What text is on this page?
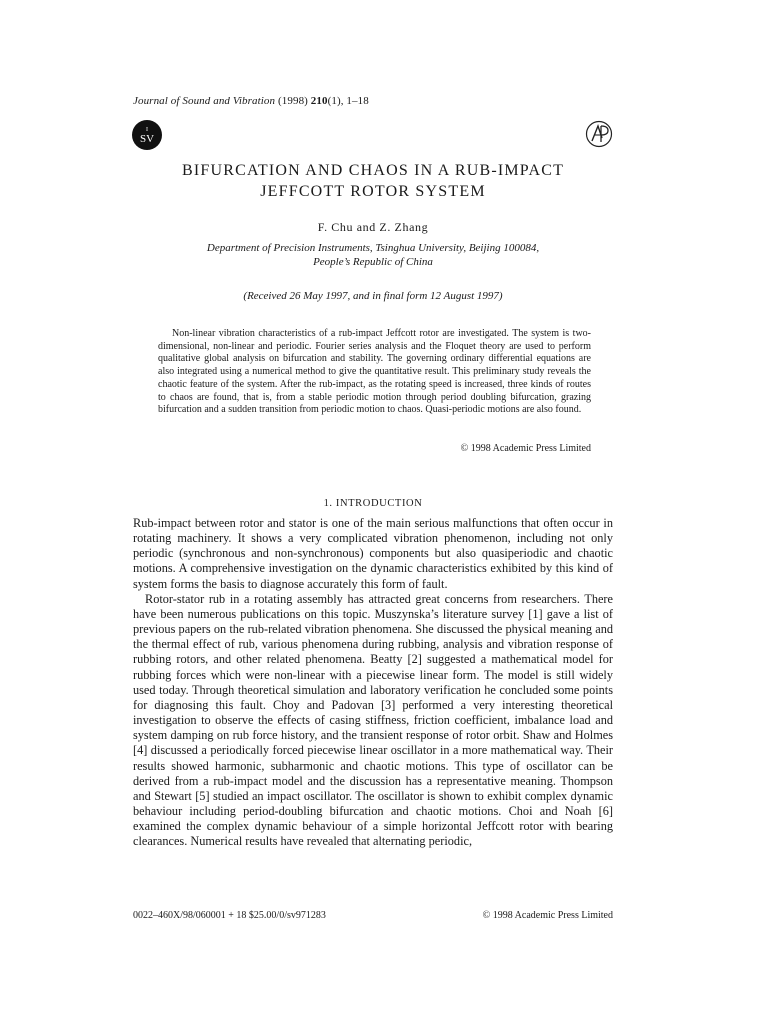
Journal of Sound and Vibration (1998) 210(1), 1–18
I
SV
BIFURCATION AND CHAOS IN A RUB-IMPACT
JEFFCOTT ROTOR SYSTEM
F. Chu and Z. Zhang
Department of Precision Instruments, Tsinghua University, Beijing 100084,
People’s Republic of China
(Received 26 May 1997, and in final form 12 August 1997)
Non-linear vibration characteristics of a rub-impact Jeffcott rotor are investigated. The system is two-dimensional, non-linear and periodic. Fourier series analysis and the Floquet theory are used to perform qualitative global analysis on bifurcation and stability. The governing ordinary differential equations are also integrated using a numerical method to give the quantitative result. This preliminary study reveals the chaotic feature of the system. After the rub-impact, as the rotating speed is increased, three kinds of routes to chaos are found, that is, from a stable periodic motion through period doubling bifurcation, grazing bifurcation and a sudden transition from periodic motion to chaos. Quasi-periodic motions are also found.
© 1998 Academic Press Limited
1. INTRODUCTION

Rub-impact between rotor and stator is one of the main serious malfunctions that often occur in rotating machinery. It shows a very complicated vibration phenomenon, including not only periodic (synchronous and non-synchronous) components but also quasiperiodic and chaotic motions. A comprehensive investigation on the dynamic characteristics exhibited by this kind of system forms the basis to diagnose accurately this form of fault.

Rotor-stator rub in a rotating assembly has attracted great concerns from researchers. There have been numerous publications on this topic. Muszynska’s literature survey [1] gave a list of previous papers on the rub-related vibration phenomena. She discussed the physical meaning and the thermal effect of rub, various phenomena during rubbing, analysis and vibration response of rubbing rotors, and other related phenomena. Beatty [2] suggested a mathematical model for rubbing forces which were non-linear with a piecewise linear form. The model is still widely used today. Through theoretical simulation and laboratory verification he concluded some points for diagnosing this fault. Choy and Padovan [3] performed a very interesting theoretical investigation to observe the effects of casing stiffness, friction coefficient, imbalance load and system damping on rub force history, and the transient response of rotor orbit. Shaw and Holmes [4] discussed a periodically forced piecewise linear oscillator in a more mathematical way. Their results showed harmonic, subharmonic and chaotic motions. This type of oscillator can be derived from a rub-impact model and the discussion has a representative meaning. Thompson and Stewart [5] studied an impact oscillator. The oscillator is shown to exhibit complex dynamic behaviour including period-doubling bifurcation and chaotic motions. Choi and Noah [6] examined the complex dynamic behaviour of a simple horizontal Jeffcott rotor with bearing clearances. Numerical results have revealed that alternating periodic,

0022–460X/98/060001 + 18 $25.00/0/sv971283	© 1998 Academic Press Limited
